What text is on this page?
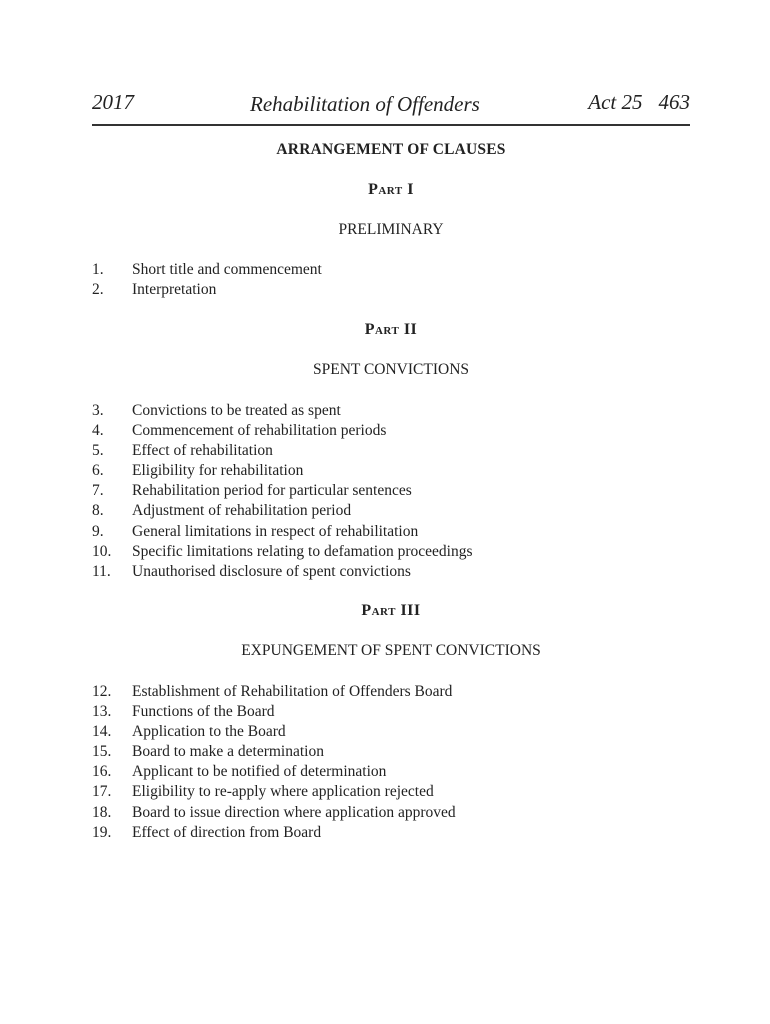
2017	Rehabilitation of Offenders	Act 25 463
ARRANGEMENT OF CLAUSES
Part I
PRELIMINARY
1. Short title and commencement
2. Interpretation
Part II
SPENT CONVICTIONS
3. Convictions to be treated as spent
4. Commencement of rehabilitation periods
5. Effect of rehabilitation
6. Eligibility for rehabilitation
7. Rehabilitation period for particular sentences
8. Adjustment of rehabilitation period
9. General limitations in respect of rehabilitation
10. Specific limitations relating to defamation proceedings
11. Unauthorised disclosure of spent convictions
Part III
EXPUNGEMENT OF SPENT CONVICTIONS
12. Establishment of Rehabilitation of Offenders Board
13. Functions of the Board
14. Application to the Board
15. Board to make a determination
16. Applicant to be notified of determination
17. Eligibility to re-apply where application rejected
18. Board to issue direction where application approved
19. Effect of direction from Board
